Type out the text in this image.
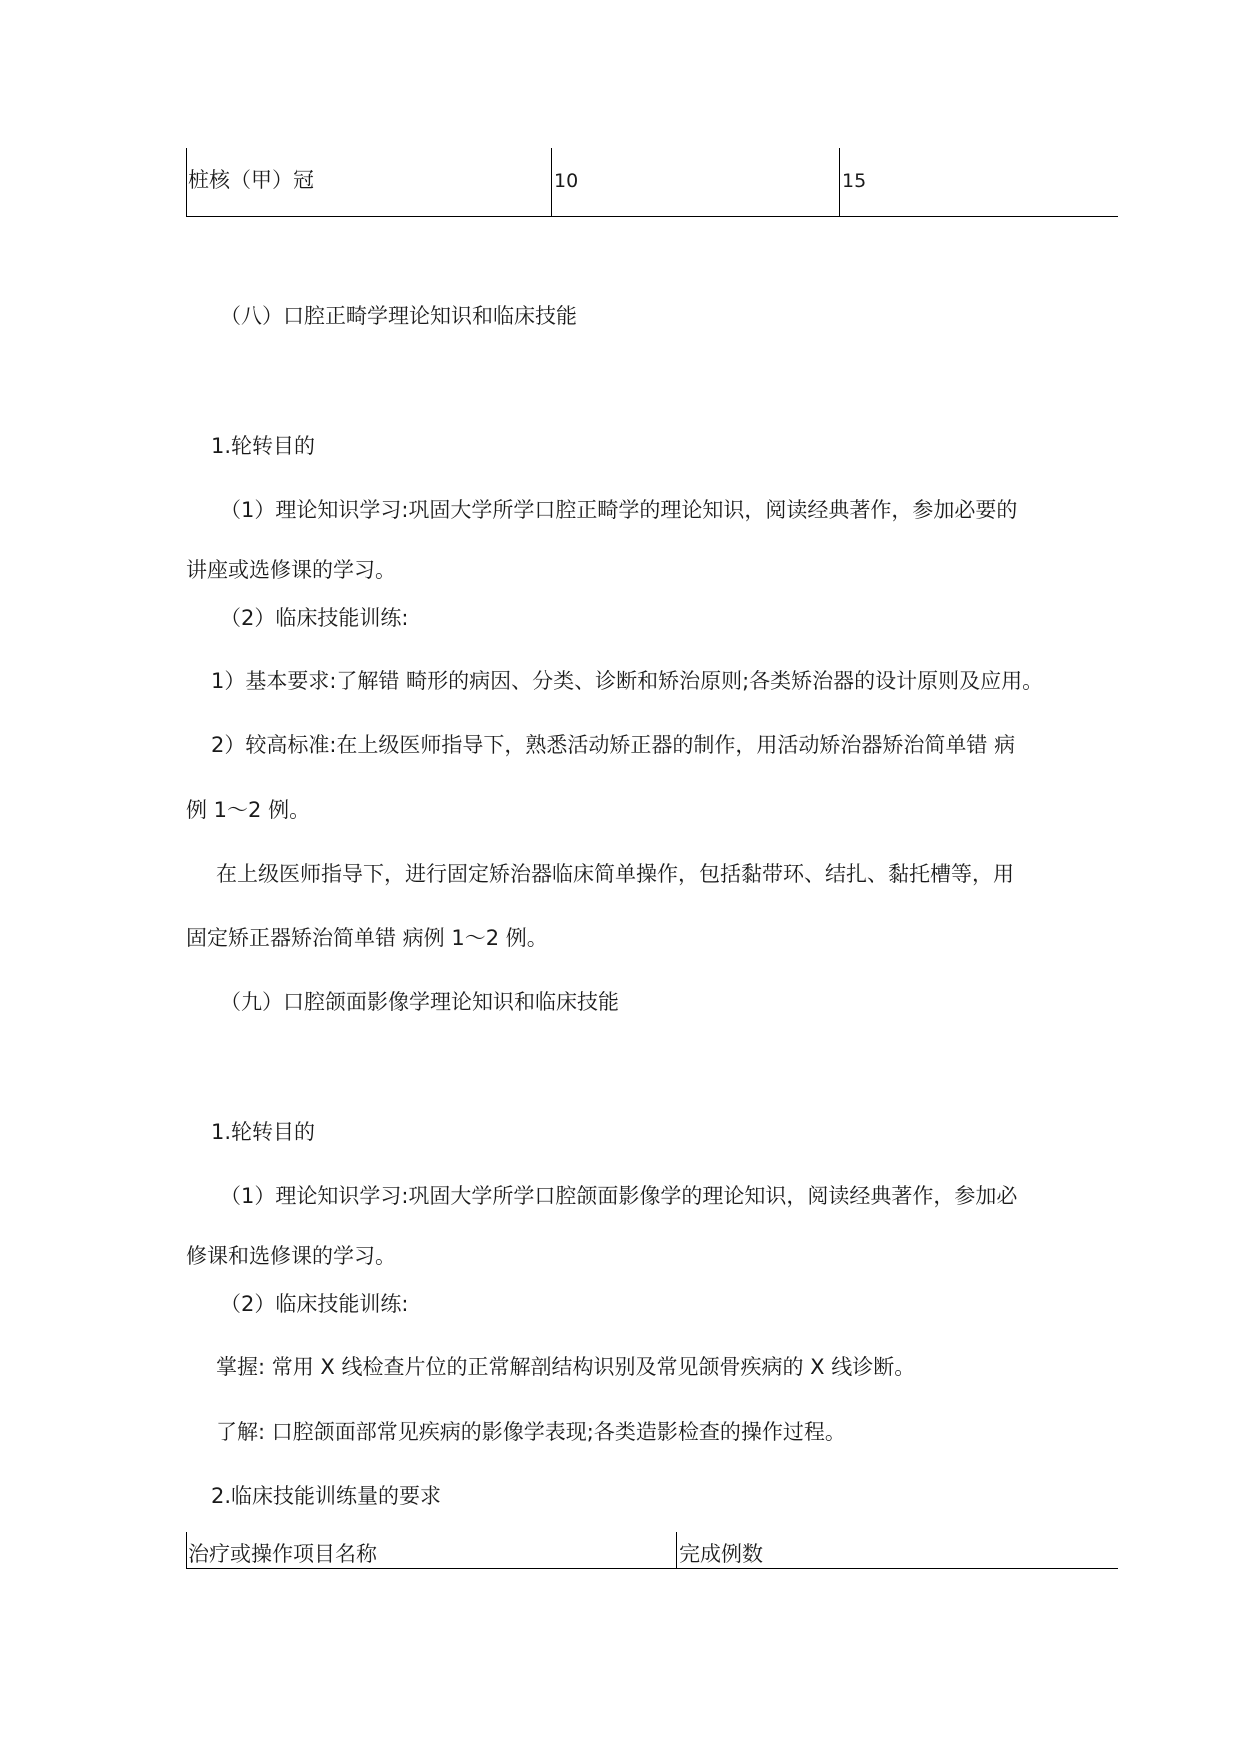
桩核（甲）冠	10	15
（八）口腔正畸学理论知识和临床技能
1.轮转目的
（1）理论知识学习:巩固大学所学口腔正畸学的理论知识，阅读经典著作，参加必要的
讲座或选修课的学习。
（2）临床技能训练:
1）基本要求:了解错 畸形的病因、分类、诊断和矫治原则;各类矫治器的设计原则及应用。
2）较高标准:在上级医师指导下，熟悉活动矫正器的制作，用活动矫治器矫治简单错 病
例 1～2 例。
在上级医师指导下，进行固定矫治器临床简单操作，包括黏带环、结扎、黏托槽等，用
固定矫正器矫治简单错 病例 1～2 例。
（九）口腔颌面影像学理论知识和临床技能
1.轮转目的
（1）理论知识学习:巩固大学所学口腔颌面影像学的理论知识，阅读经典著作，参加必
修课和选修课的学习。
（2）临床技能训练:
掌握: 常用 X 线检查片位的正常解剖结构识别及常见颌骨疾病的 X 线诊断。
了解: 口腔颌面部常见疾病的影像学表现;各类造影检查的操作过程。
2.临床技能训练量的要求
治疗或操作项目名称	完成例数
